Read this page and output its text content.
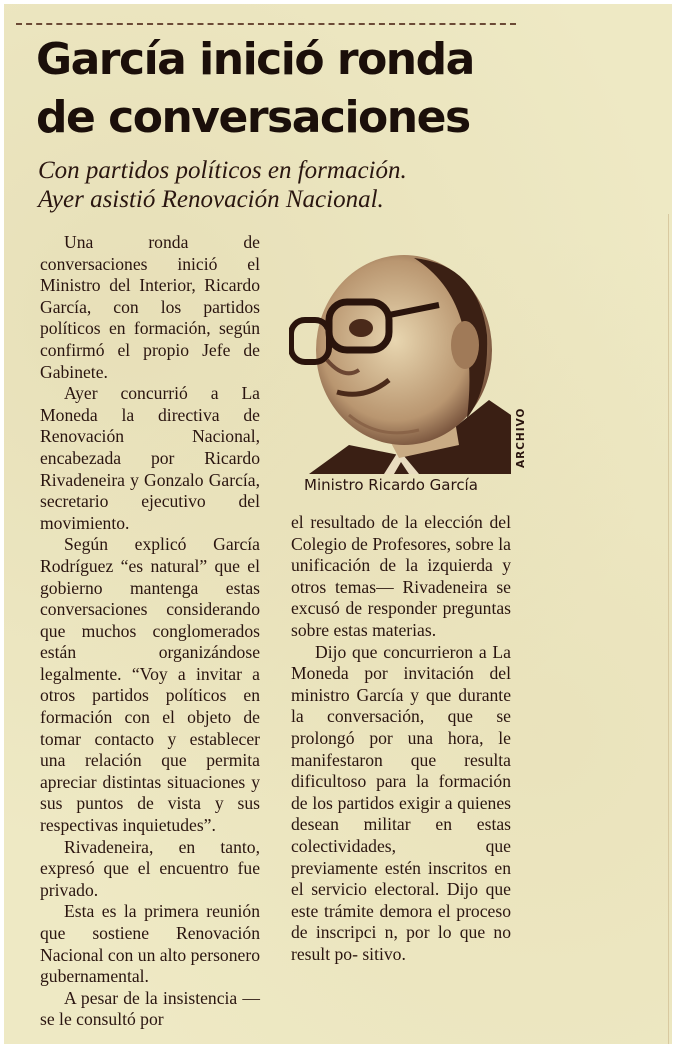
García inició ronda
de conversaciones
Con partidos políticos en formación.
Ayer asistió Renovación Nacional.

Una ronda de conversaciones inició el Ministro del Interior, Ricardo García, con los partidos políticos en formación, según confirmó el propio Jefe de Gabinete.

Ayer concurrió a La Moneda la directiva de Renovación Nacional, encabezada por Ricardo Rivadeneira y Gonzalo García, secretario ejecutivo del movimiento.

Según explicó García Rodríguez “es natural” que el gobierno mantenga estas conversaciones considerando que muchos conglomerados están organizándose legalmente. “Voy a invitar a otros partidos políticos en formación con el objeto de tomar contacto y establecer una relación que permita apreciar distintas situaciones y sus puntos de vista y sus respectivas inquietudes”.

Rivadeneira, en tanto, expresó que el encuentro fue privado.

Esta es la primera reunión que sostiene Renovación Nacional con un alto personero gubernamental.

A pesar de la insistencia —se le consultó por

ARCHIVO
Ministro Ricardo García

el resultado de la elección del Colegio de Profesores, sobre la unificación de la izquierda y otros temas— Rivadeneira se excusó de responder preguntas sobre estas materias.

Dijo que concurrieron a La Moneda por invitación del ministro García y que durante la conversación, que se prolongó por una hora, le manifestaron que resulta dificultoso para la formación de los partidos exigir a quienes desean militar en estas colectividades, que previamente estén inscritos en el servicio electoral. Dijo que este trámite demora el proceso de inscripci n, por lo que no result po- sitivo.
